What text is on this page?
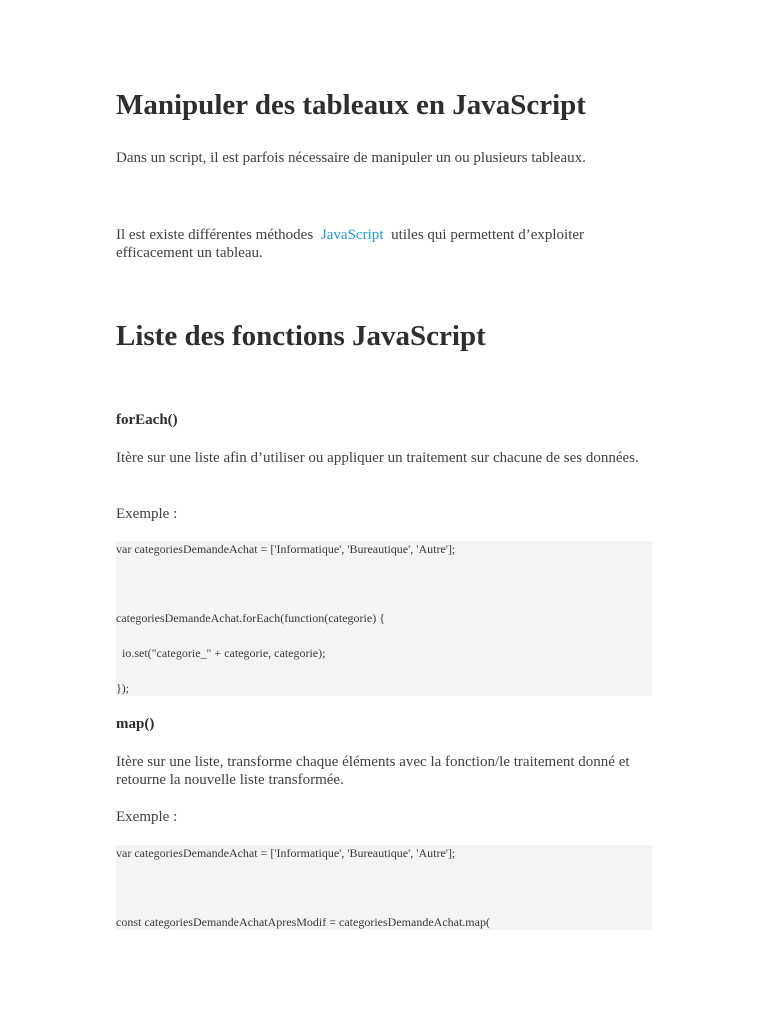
Manipuler des tableaux en JavaScript

Dans un script, il est parfois nécessaire de manipuler un ou plusieurs tableaux.

Il est existe différentes méthodes JavaScript utiles qui permettent d’exploiter efficacement un tableau.

Liste des fonctions JavaScript
forEach()

Itère sur une liste afin d’utiliser ou appliquer un traitement sur chacune de ses données.

Exemple :

var categoriesDemandeAchat = ['Informatique', 'Bureautique', 'Autre'];
categoriesDemandeAchat.forEach(function(categorie) {
io.set("categorie_" + categorie, categorie);
});
map()

Itère sur une liste, transforme chaque éléments avec la fonction/le traitement donné et retourne la nouvelle liste transformée.

Exemple :

var categoriesDemandeAchat = ['Informatique', 'Bureautique', 'Autre'];
const categoriesDemandeAchatApresModif = categoriesDemandeAchat.map(
